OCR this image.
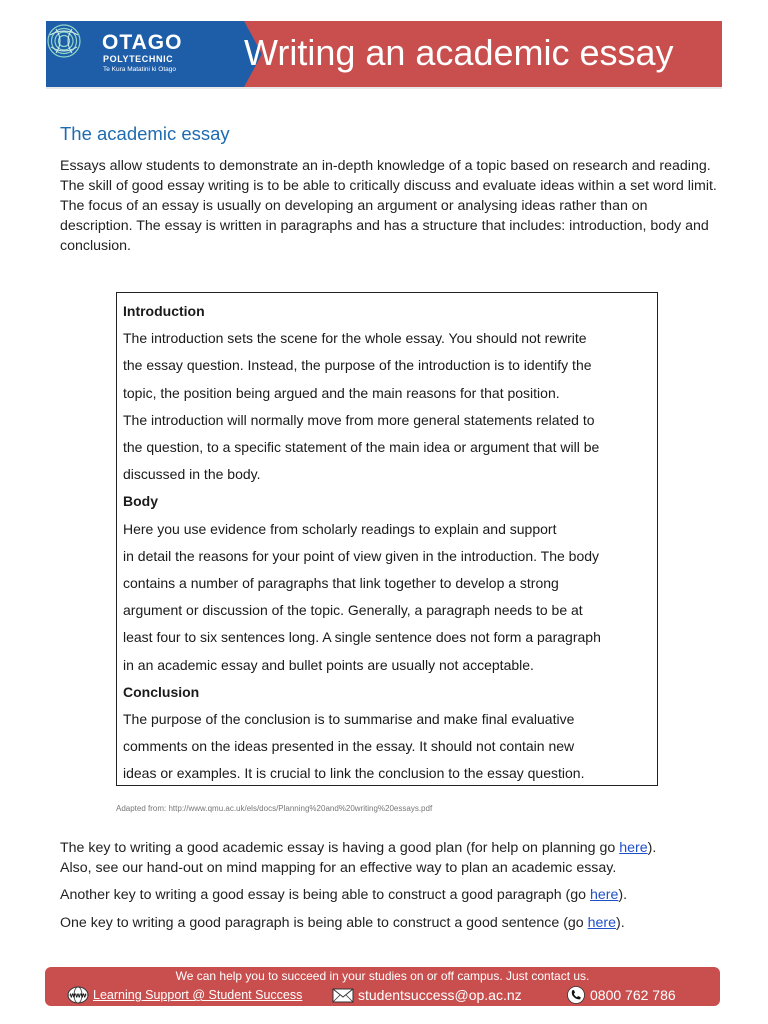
OTAGO
POLYTECHNIC
Te Kura Matatini ki Otago Writing an academic essay
The academic essay

Essays allow students to demonstrate an in-depth knowledge of a topic based on research and reading. The skill of good essay writing is to be able to critically discuss and evaluate ideas within a set word limit. The focus of an essay is usually on developing an argument or analysing ideas rather than on description. The essay is written in paragraphs and has a structure that includes: introduction, body and conclusion.

Introduction
The introduction sets the scene for the whole essay. You should not rewrite
the essay question. Instead, the purpose of the introduction is to identify the
topic, the position being argued and the main reasons for that position.
The introduction will normally move from more general statements related to
the question, to a specific statement of the main idea or argument that will be
discussed in the body.
Body
Here you use evidence from scholarly readings to explain and support
in detail the reasons for your point of view given in the introduction. The body
contains a number of paragraphs that link together to develop a strong
argument or discussion of the topic. Generally, a paragraph needs to be at
least four to six sentences long. A single sentence does not form a paragraph
in an academic essay and bullet points are usually not acceptable.
Conclusion
The purpose of the conclusion is to summarise and make final evaluative
comments on the ideas presented in the essay. It should not contain new
ideas or examples. It is crucial to link the conclusion to the essay question.
Adapted from: http://www.qmu.ac.uk/els/docs/Planning%20and%20writing%20essays.pdf

The key to writing a good academic essay is having a good plan (for help on planning go here).

Also, see our hand-out on mind mapping for an effective way to plan an academic essay.

Another key to writing a good essay is being able to construct a good paragraph (go here).

One key to writing a good paragraph is being able to construct a good sentence (go here).

We can help you to succeed in your studies on or off campus. Just contact us.
www Learning Support @ Student Success	studentsuccess@op.ac.nz	0800 762 786
